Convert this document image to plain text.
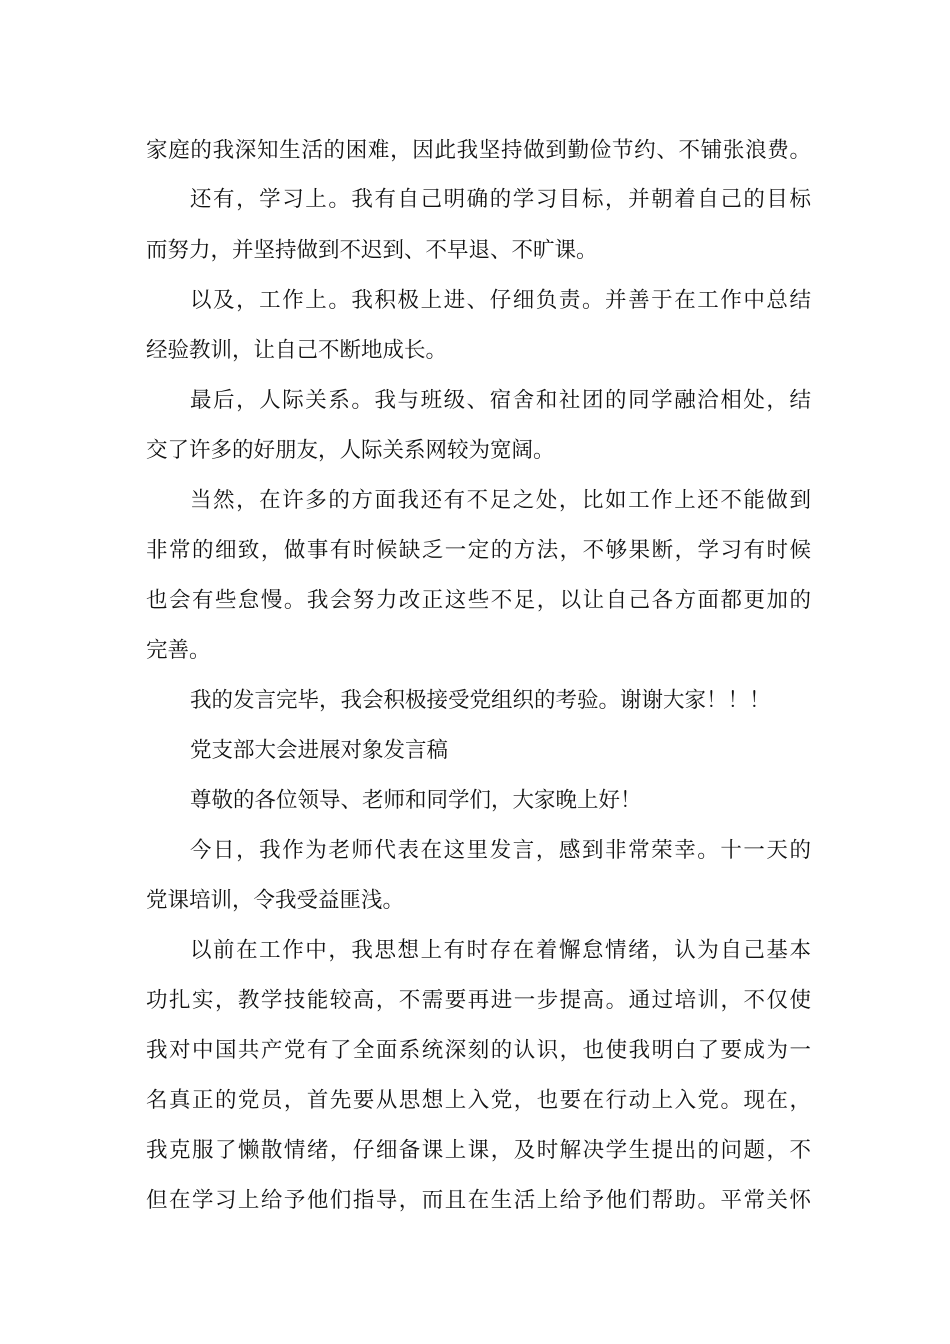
家庭的我深知生活的困难，因此我坚持做到勤俭节约、不铺张浪费。
还有，学习上。我有自己明确的学习目标，并朝着自己的目标
而努力，并坚持做到不迟到、不早退、不旷课。
以及，工作上。我积极上进、仔细负责。并善于在工作中总结
经验教训，让自己不断地成长。
最后，人际关系。我与班级、宿舍和社团的同学融洽相处，结
交了许多的好朋友，人际关系网较为宽阔。
当然，在许多的方面我还有不足之处，比如工作上还不能做到
非常的细致，做事有时候缺乏一定的方法，不够果断，学习有时候
也会有些怠慢。我会努力改正这些不足，以让自己各方面都更加的
完善。
我的发言完毕，我会积极接受党组织的考验。谢谢大家！！！
党支部大会进展对象发言稿
尊敬的各位领导、老师和同学们，大家晚上好！
今日，我作为老师代表在这里发言，感到非常荣幸。十一天的
党课培训，令我受益匪浅。
以前在工作中，我思想上有时存在着懈怠情绪，认为自己基本
功扎实，教学技能较高，不需要再进一步提高。通过培训，不仅使
我对中国共产党有了全面系统深刻的认识，也使我明白了要成为一
名真正的党员，首先要从思想上入党，也要在行动上入党。现在，
我克服了懒散情绪，仔细备课上课，及时解决学生提出的问题，不
但在学习上给予他们指导，而且在生活上给予他们帮助。平常关怀
